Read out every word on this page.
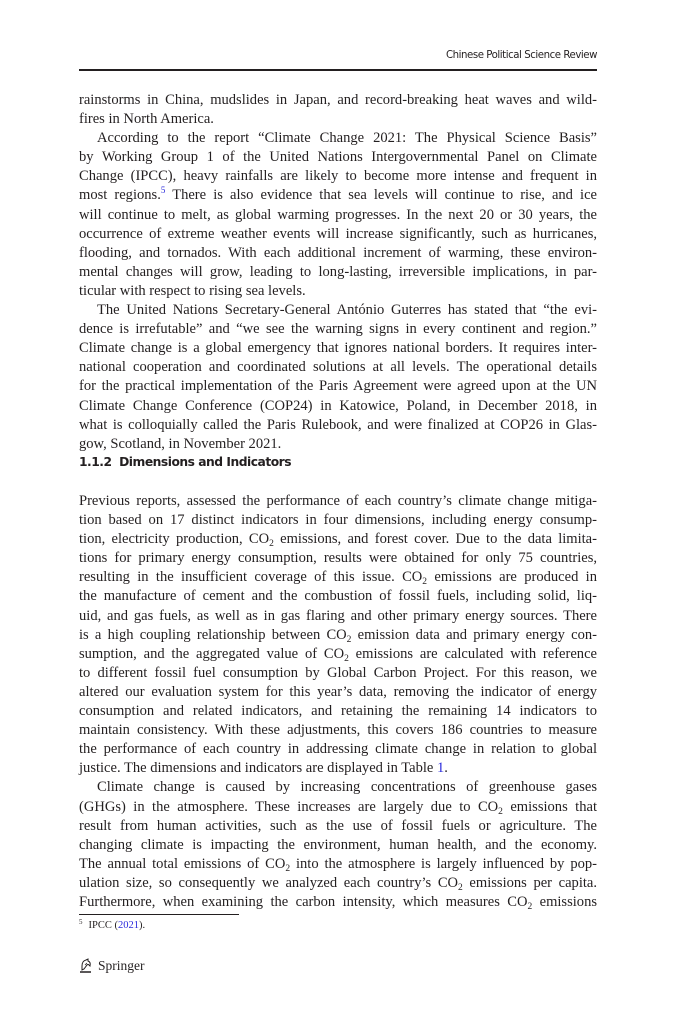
Chinese Political Science Review
rainstorms in China, mudslides in Japan, and record-breaking heat waves and wild-
fires in North America.
According to the report “Climate Change 2021: The Physical Science Basis”
by Working Group 1 of the United Nations Intergovernmental Panel on Climate
Change (IPCC), heavy rainfalls are likely to become more intense and frequent in
most regions.$^5$ There is also evidence that sea levels will continue to rise, and ice
will continue to melt, as global warming progresses. In the next 20 or 30 years, the
occurrence of extreme weather events will increase significantly, such as hurricanes,
flooding, and tornados. With each additional increment of warming, these environ-
mental changes will grow, leading to long-lasting, irreversible implications, in par-
ticular with respect to rising sea levels.
The United Nations Secretary-General António Guterres has stated that “the evi-
dence is irrefutable” and “we see the warning signs in every continent and region.”
Climate change is a global emergency that ignores national borders. It requires inter-
national cooperation and coordinated solutions at all levels. The operational details
for the practical implementation of the Paris Agreement were agreed upon at the UN
Climate Change Conference (COP24) in Katowice, Poland, in December 2018, in
what is colloquially called the Paris Rulebook, and were finalized at COP26 in Glas-
gow, Scotland, in November 2021.
1.1.2 Dimensions and Indicators
Previous reports, assessed the performance of each country’s climate change mitiga-
tion based on 17 distinct indicators in four dimensions, including energy consump-
tion, electricity production, $CO_2$ emissions, and forest cover. Due to the data limita-
tions for primary energy consumption, results were obtained for only 75 countries,
resulting in the insufficient coverage of this issue. $CO_2$ emissions are produced in
the manufacture of cement and the combustion of fossil fuels, including solid, liq-
uid, and gas fuels, as well as in gas flaring and other primary energy sources. There
is a high coupling relationship between $CO_2$ emission data and primary energy con-
sumption, and the aggregated value of $CO_2$ emissions are calculated with reference
to different fossil fuel consumption by Global Carbon Project. For this reason, we
altered our evaluation system for this year’s data, removing the indicator of energy
consumption and related indicators, and retaining the remaining 14 indicators to
maintain consistency. With these adjustments, this covers 186 countries to measure
the performance of each country in addressing climate change in relation to global
justice. The dimensions and indicators are displayed in Table 1.
Climate change is caused by increasing concentrations of greenhouse gases
(GHGs) in the atmosphere. These increases are largely due to $CO_2$ emissions that
result from human activities, such as the use of fossil fuels or agriculture. The
changing climate is impacting the environment, human health, and the economy.
The annual total emissions of $CO_2$ into the atmosphere is largely influenced by pop-
ulation size, so consequently we analyzed each country’s $CO_2$ emissions per capita.
Furthermore, when examining the carbon intensity, which measures $CO_2$ emissions
$^5$ IPCC (2021).
Springer
